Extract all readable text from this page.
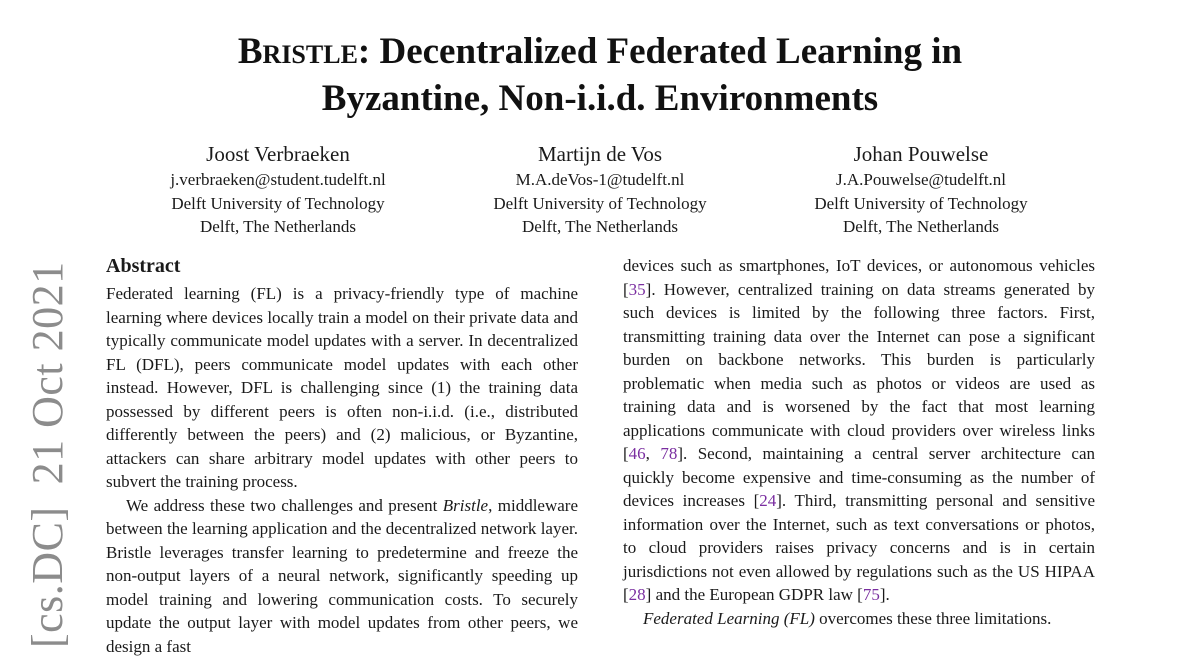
[cs.DC]21 Oct 2021
Bristle: Decentralized Federated Learning in
Byzantine, Non-i.i.d. Environments
Joost Verbraeken
j.verbraeken@student.tudelft.nl
Delft University of Technology
Delft, The Netherlands
Martijn de Vos
M.A.deVos-1@tudelft.nl
Delft University of Technology
Delft, The Netherlands
Johan Pouwelse
J.A.Pouwelse@tudelft.nl
Delft University of Technology
Delft, The Netherlands
Abstract

Federated learning (FL) is a privacy-friendly type of machine learning where devices locally train a model on their private data and typically communicate model updates with a server. In decentralized FL (DFL), peers communicate model updates with each other instead. However, DFL is challenging since (1) the training data possessed by different peers is often non-i.i.d. (i.e., distributed differently between the peers) and (2) malicious, or Byzantine, attackers can share arbitrary model updates with other peers to subvert the training process.

We address these two challenges and present Bristle, middleware between the learning application and the decentralized network layer. Bristle leverages transfer learning to predetermine and freeze the non-output layers of a neural network, significantly speeding up model training and lowering communication costs. To securely update the output layer with model updates from other peers, we design a fast

devices such as smartphones, IoT devices, or autonomous vehicles [35]. However, centralized training on data streams generated by such devices is limited by the following three factors. First, transmitting training data over the Internet can pose a significant burden on backbone networks. This burden is particularly problematic when media such as photos or videos are used as training data and is worsened by the fact that most learning applications communicate with cloud providers over wireless links [46, 78]. Second, maintaining a central server architecture can quickly become expensive and time-consuming as the number of devices increases [24]. Third, transmitting personal and sensitive information over the Internet, such as text conversations or photos, to cloud providers raises privacy concerns and is in certain jurisdictions not even allowed by regulations such as the US HIPAA [28] and the European GDPR law [75].

Federated Learning (FL) overcomes these three limitations.
